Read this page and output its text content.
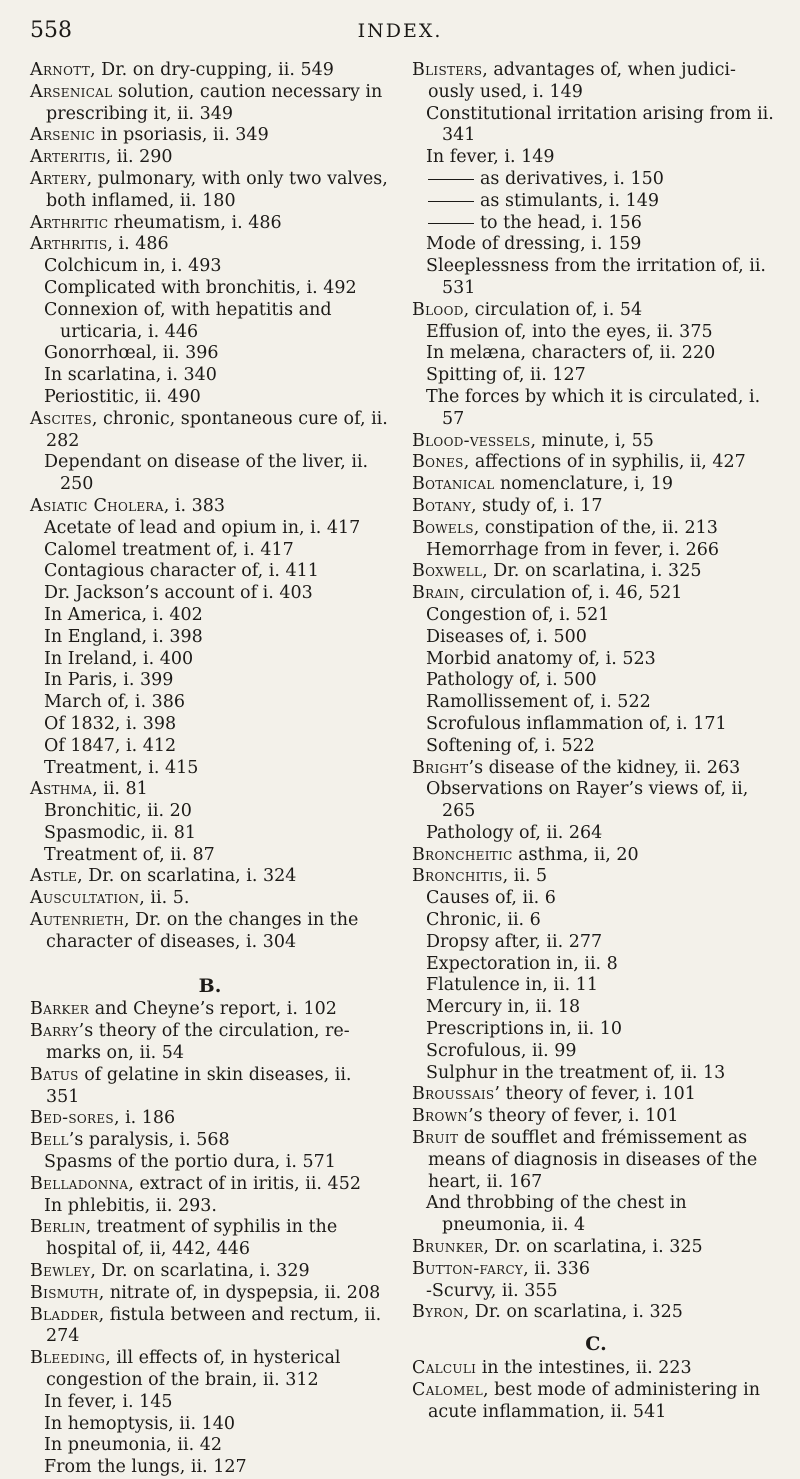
558	INDEX.
Arnott, Dr. on dry-cupping, ii. 549
Arsenical solution, caution necessary in prescribing it, ii. 349
Arsenic in psoriasis, ii. 349
Arteritis, ii. 290
Artery, pulmonary, with only two valves, both inflamed, ii. 180
Arthritic rheumatism, i. 486
Arthritis, i. 486
Colchicum in, i. 493
Complicated with bronchitis, i. 492
Connexion of, with hepatitis and urticaria, i. 446
Gonorrhœal, ii. 396
In scarlatina, i. 340
Periostitic, ii. 490
Ascites, chronic, spontaneous cure of, ii. 282
Dependant on disease of the liver, ii. 250
Asiatic Cholera, i. 383
Acetate of lead and opium in, i. 417
Calomel treatment of, i. 417
Contagious character of, i. 411
Dr. Jackson’s account of i. 403
In America, i. 402
In England, i. 398
In Ireland, i. 400
In Paris, i. 399
March of, i. 386
Of 1832, i. 398
Of 1847, i. 412
Treatment, i. 415
Asthma, ii. 81
Bronchitic, ii. 20
Spasmodic, ii. 81
Treatment of, ii. 87
Astle, Dr. on scarlatina, i. 324
Auscultation, ii. 5.
Autenrieth, Dr. on the changes in the character of diseases, i. 304
B.
Barker and Cheyne’s report, i. 102
Barry’s theory of the circulation, re-marks on, ii. 54
Batus of gelatine in skin diseases, ii. 351
Bed-sores, i. 186
Bell’s paralysis, i. 568
Spasms of the portio dura, i. 571
Belladonna, extract of in iritis, ii. 452
In phlebitis, ii. 293.
Berlin, treatment of syphilis in the hospital of, ii, 442, 446
Bewley, Dr. on scarlatina, i. 329
Bismuth, nitrate of, in dyspepsia, ii. 208
Bladder, fistula between and rectum, ii. 274
Bleeding, ill effects of, in hysterical congestion of the brain, ii. 312
In fever, i. 145
In hemoptysis, ii. 140
In pneumonia, ii. 42
From the lungs, ii. 127
Blisters, advantages of, when judici-ously used, i. 149
Constitutional irritation arising from ii. 341
In fever, i. 149
as derivatives, i. 150
as stimulants, i. 149
to the head, i. 156
Mode of dressing, i. 159
Sleeplessness from the irritation of, ii. 531
Blood, circulation of, i. 54
Effusion of, into the eyes, ii. 375
In melæna, characters of, ii. 220
Spitting of, ii. 127
The forces by which it is circulated, i. 57
Blood-vessels, minute, i, 55
Bones, affections of in syphilis, ii, 427
Botanical nomenclature, i, 19
Botany, study of, i. 17
Bowels, constipation of the, ii. 213
Hemorrhage from in fever, i. 266
Boxwell, Dr. on scarlatina, i. 325
Brain, circulation of, i. 46, 521
Congestion of, i. 521
Diseases of, i. 500
Morbid anatomy of, i. 523
Pathology of, i. 500
Ramollissement of, i. 522
Scrofulous inflammation of, i. 171
Softening of, i. 522
Bright’s disease of the kidney, ii. 263
Observations on Rayer’s views of, ii, 265
Pathology of, ii. 264
Broncheitic asthma, ii, 20
Bronchitis, ii. 5
Causes of, ii. 6
Chronic, ii. 6
Dropsy after, ii. 277
Expectoration in, ii. 8
Flatulence in, ii. 11
Mercury in, ii. 18
Prescriptions in, ii. 10
Scrofulous, ii. 99
Sulphur in the treatment of, ii. 13
Broussais’ theory of fever, i. 101
Brown’s theory of fever, i. 101
Bruit de soufflet and frémissement as means of diagnosis in diseases of the heart, ii. 167
And throbbing of the chest in pneumonia, ii. 4
Brunker, Dr. on scarlatina, i. 325
Button-farcy, ii. 336
-Scurvy, ii. 355
Byron, Dr. on scarlatina, i. 325
C.
Calculi in the intestines, ii. 223
Calomel, best mode of administering in acute inflammation, ii. 541
